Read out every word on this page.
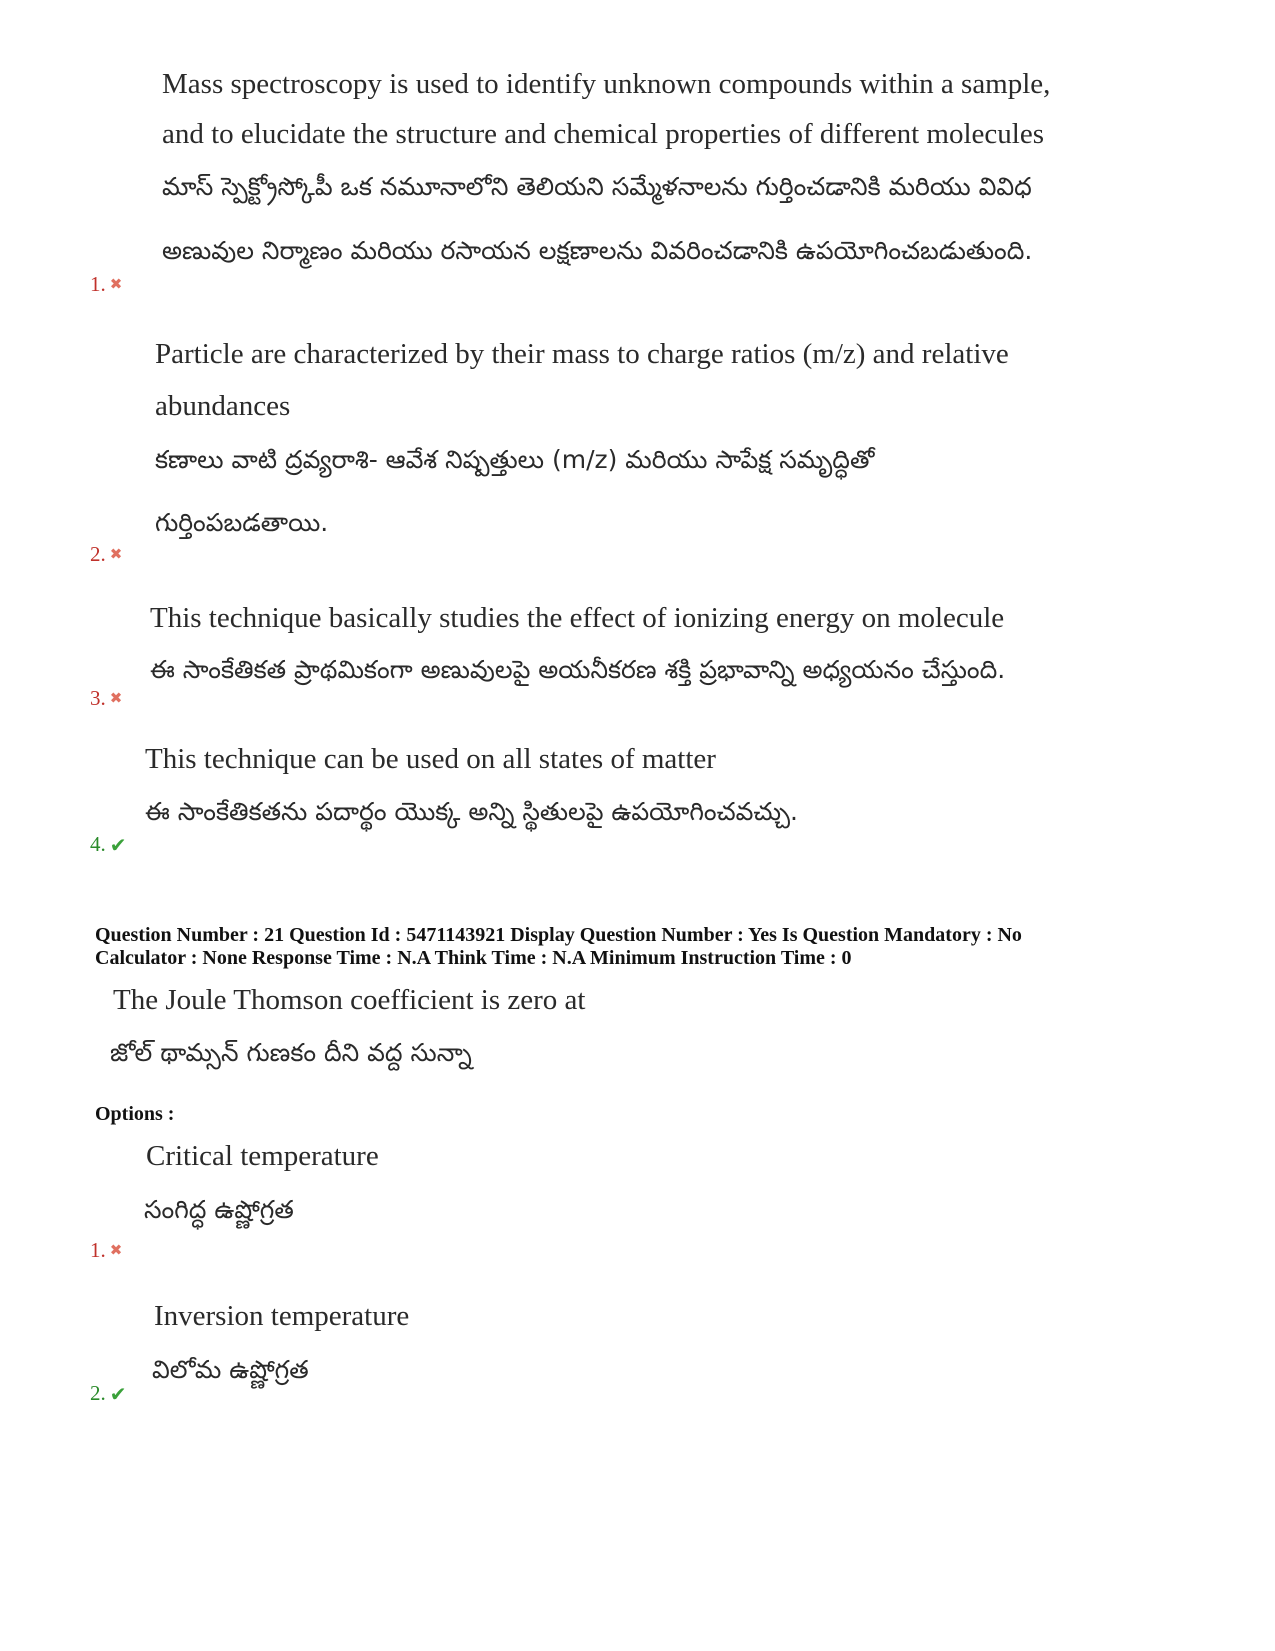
Mass spectroscopy is used to identify unknown compounds within a sample,
and to elucidate the structure and chemical properties of different molecules
మాస్ స్పెక్ట్రోస్కోపీ ఒక నమూనాలోని తెలియని సమ్మేళనాలను గుర్తించడానికి మరియు వివిధ
అణువుల నిర్మాణం మరియు రసాయన లక్షణాలను వివరించడానికి ఉపయోగించబడుతుంది.
1. ✖
Particle are characterized by their mass to charge ratios (m/z) and relative
abundances
కణాలు వాటి ద్రవ్యరాశి- ఆవేశ నిష్పత్తులు (m/z) మరియు సాపేక్ష సమృద్ధితో
గుర్తింపబడతాయి.
2. ✖
This technique basically studies the effect of ionizing energy on molecule
ఈ సాంకేతికత ప్రాథమికంగా అణువులపై అయనీకరణ శక్తి ప్రభావాన్ని అధ్యయనం చేస్తుంది.
3. ✖
This technique can be used on all states of matter
ఈ సాంకేతికతను పదార్థం యొక్క అన్ని స్థితులపై ఉపయోగించవచ్చు.
4. ✔
Question Number : 21 Question Id : 5471143921 Display Question Number : Yes Is Question Mandatory : No
Calculator : None Response Time : N.A Think Time : N.A Minimum Instruction Time : 0
The Joule Thomson coefficient is zero at
జోల్ థామ్సన్ గుణకం దీని వద్ద సున్నా
Options :
Critical temperature
సంగిద్ధ ఉష్ణోగ్రత
1. ✖
Inversion temperature
విలోమ ఉష్ణోగ్రత
2. ✔
